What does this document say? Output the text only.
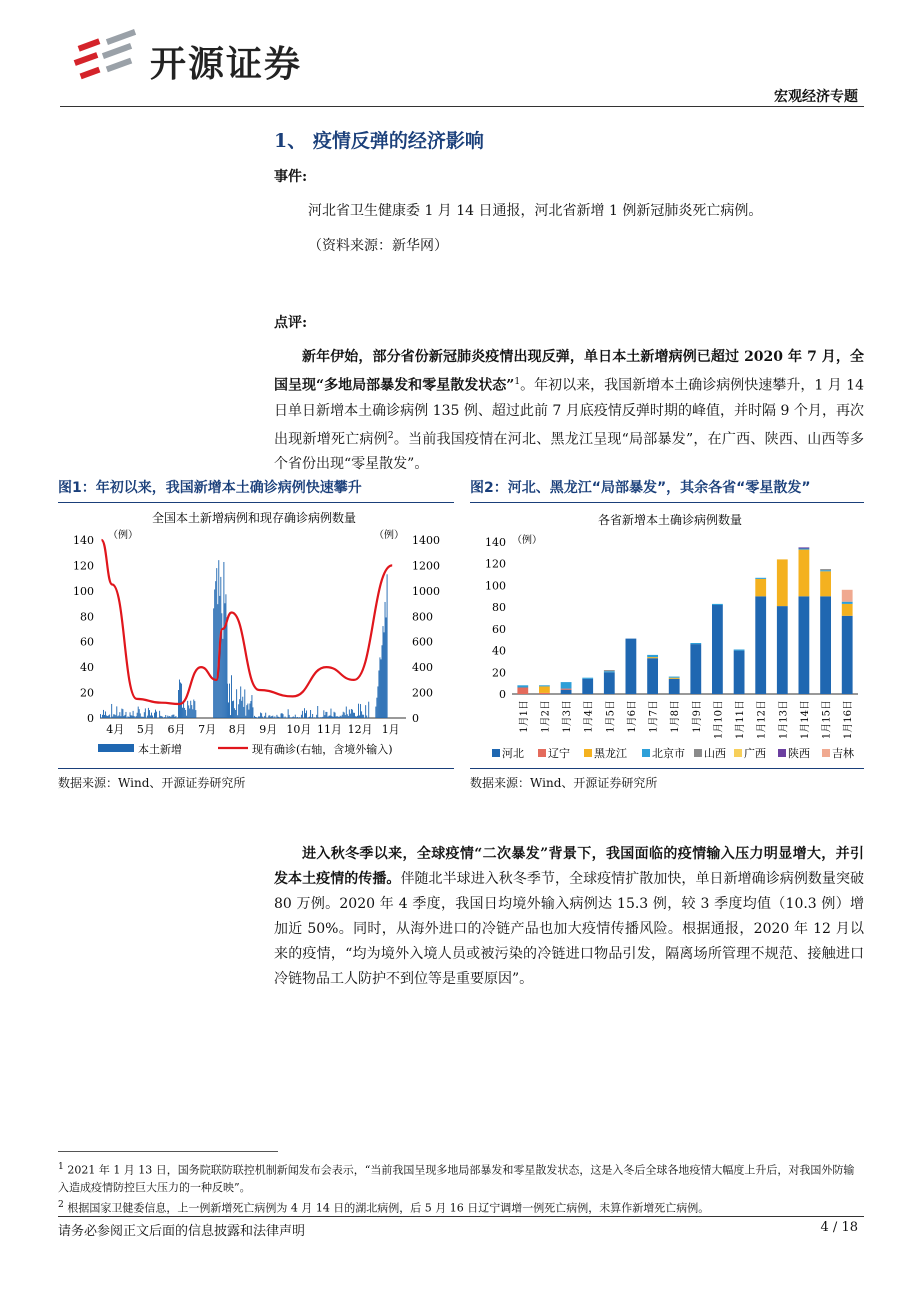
开源证券
宏观经济专题
1、 疫情反弹的经济影响
事件:
河北省卫生健康委 1 月 14 日通报，河北省新增 1 例新冠肺炎死亡病例。
（资料来源：新华网）
点评:
新年伊始，部分省份新冠肺炎疫情出现反弹，单日本土新增病例已超过 2020 年 7 月，全国呈现“多地局部暴发和零星散发状态”$^1$。年初以来，我国新增本土确诊病例快速攀升，1 月 14 日单日新增本土确诊病例 135 例、超过此前 7 月底疫情反弹时期的峰值，并时隔 9 个月，再次出现新增死亡病例$^2$。当前我国疫情在河北、黑龙江呈现“局部暴发”，在广西、陕西、山西等多个省份出现“零星散发”。
图1：年初以来，我国新增本土确诊病例快速攀升	图2：河北、黑龙江“局部暴发”，其余各省“零星散发”
全国本土新增病例和现存确诊病例数量
（例）	（例）
0
20
40
60
80
100
120
140
0
200
400
600
800
1000
1200
1400
4月 5月 6月 7月 8月 9月 10月 11月 12月 1月
本土新增	现有确诊(右轴，含境外输入)
各省新增本土确诊病例数量
（例）
0
20
40
60
80
100
120
140
1月1日 1月2日 1月3日 1月4日 1月5日 1月6日 1月7日 1月8日 1月9日 1月10日 1月11日 1月12日 1月13日 1月14日 1月15日 1月16日
河北 辽宁 黑龙江 北京市 山西 广西 陕西 吉林
数据来源：Wind、开源证券研究所	数据来源：Wind、开源证券研究所
进入秋冬季以来，全球疫情“二次暴发”背景下，我国面临的疫情输入压力明显增大，并引发本土疫情的传播。伴随北半球进入秋冬季节，全球疫情扩散加快，单日新增确诊病例数量突破 80 万例。2020 年 4 季度，我国日均境外输入病例达 15.3 例，较 3 季度均值（10.3 例）增加近 50%。同时，从海外进口的冷链产品也加大疫情传播风险。根据通报，2020 年 12 月以来的疫情，“均为境外入境人员或被污染的冷链进口物品引发，隔离场所管理不规范、接触进口冷链物品工人防护不到位等是重要原因”。
$^1$ 2021 年 1 月 13 日，国务院联防联控机制新闻发布会表示，“当前我国呈现多地局部暴发和零星散发状态，这是入冬后全球各地疫情大幅度上升后，对我国外防输入造成疫情防控巨大压力的一种反映”。
$^2$ 根据国家卫健委信息，上一例新增死亡病例为 4 月 14 日的湖北病例，后 5 月 16 日辽宁调增一例死亡病例，未算作新增死亡病例。
请务必参阅正文后面的信息披露和法律声明	4 / 18
